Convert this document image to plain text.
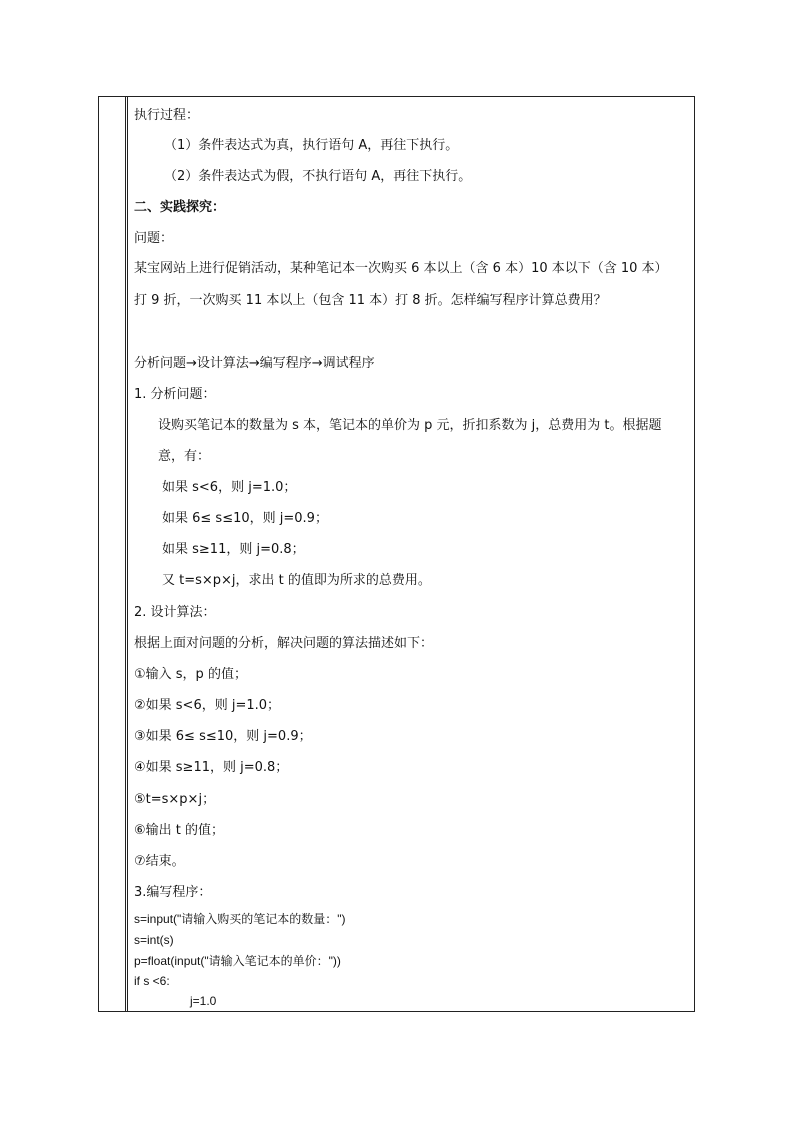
执行过程：
（1）条件表达式为真，执行语句 A，再往下执行。
（2）条件表达式为假，不执行语句 A，再往下执行。
二、实践探究：
问题：
某宝网站上进行促销活动，某种笔记本一次购买 6 本以上（含 6 本）10 本以下（含 10 本）
打 9 折，一次购买 11 本以上（包含 11 本）打 8 折。怎样编写程序计算总费用？
分析问题→设计算法→编写程序→调试程序
1. 分析问题：
设购买笔记本的数量为 s 本，笔记本的单价为 p 元，折扣系数为 j，总费用为 t。根据题
意，有：
如果 s<6，则 j=1.0；
如果 6≤ s≤10，则 j=0.9；
如果 s≥11，则 j=0.8；
又 t=s×p×j，求出 t 的值即为所求的总费用。
2. 设计算法：
根据上面对问题的分析，解决问题的算法描述如下：
①输入 s，p 的值；
②如果 s<6，则 j=1.0；
③如果 6≤ s≤10，则 j=0.9；
④如果 s≥11，则 j=0.8；
⑤t=s×p×j；
⑥输出 t 的值；
⑦结束。
3.编写程序：
s=input("请输入购买的笔记本的数量：")
s=int(s)
p=float(input("请输入笔记本的单价："))
if s <6:
j=1.0
